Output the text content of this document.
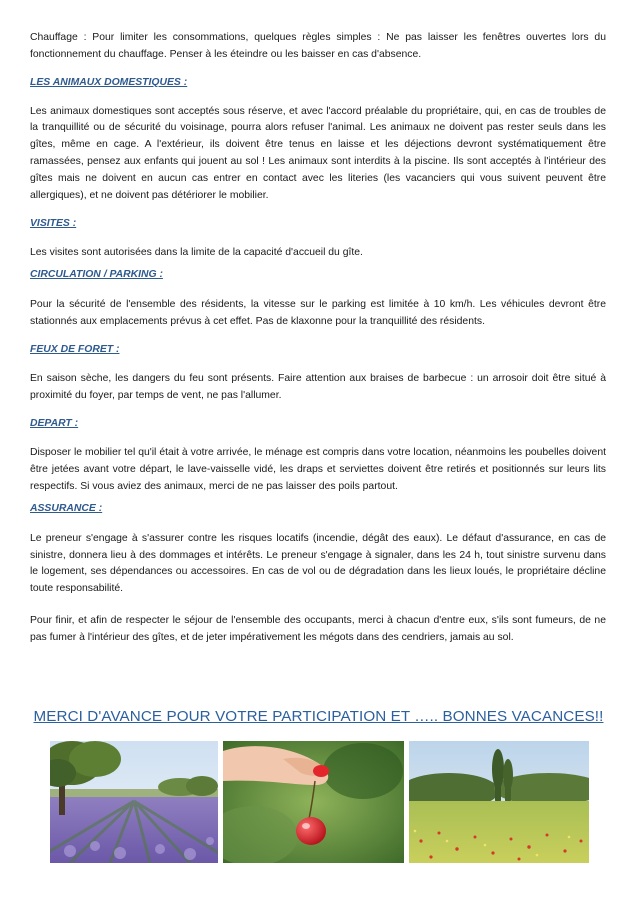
Chauffage : Pour limiter les consommations, quelques règles simples : Ne pas laisser les fenêtres ouvertes lors du fonctionnement du chauffage. Penser à les éteindre ou les baisser en cas d'absence.

LES ANIMAUX DOMESTIQUES :

Les animaux domestiques sont acceptés sous réserve, et avec l'accord préalable du propriétaire, qui, en cas de troubles de la tranquillité ou de sécurité du voisinage, pourra alors refuser l'animal. Les animaux ne doivent pas rester seuls dans les gîtes, même en cage. A l'extérieur, ils doivent être tenus en laisse et les déjections devront systématiquement être ramassées, pensez aux enfants qui jouent au sol ! Les animaux sont interdits à la piscine. Ils sont acceptés à l'intérieur des gîtes mais ne doivent en aucun cas entrer en contact avec les literies (les vacanciers qui vous suivent peuvent être allergiques), et ne doivent pas détériorer le mobilier.

VISITES :

Les visites sont autorisées dans la limite de la capacité d'accueil du gîte.

CIRCULATION / PARKING :

Pour la sécurité de l'ensemble des résidents, la vitesse sur le parking est limitée à 10 km/h. Les véhicules devront être stationnés aux emplacements prévus à cet effet. Pas de klaxonne pour la tranquillité des résidents.

FEUX DE FORET :

En saison sèche, les dangers du feu sont présents. Faire attention aux braises de barbecue : un arrosoir doit être situé à proximité du foyer, par temps de vent, ne pas l'allumer.

DEPART :

Disposer le mobilier tel qu'il était à votre arrivée, le ménage est compris dans votre location, néanmoins les poubelles doivent être jetées avant votre départ, le lave-vaisselle vidé, les draps et serviettes doivent être retirés et positionnés sur leurs lits respectifs. Si vous aviez des animaux, merci de ne pas laisser des poils partout.

ASSURANCE :

Le preneur s'engage à s'assurer contre les risques locatifs (incendie, dégât des eaux). Le défaut d'assurance, en cas de sinistre, donnera lieu à des dommages et intérêts. Le preneur s'engage à signaler, dans les 24 h, tout sinistre survenu dans le logement, ses dépendances ou accessoires. En cas de vol ou de dégradation dans les lieux loués, le propriétaire décline toute responsabilité.

Pour finir, et afin de respecter le séjour de l'ensemble des occupants, merci à chacun d'entre eux, s'ils sont fumeurs, de ne pas fumer à l'intérieur des gîtes, et de jeter impérativement les mégots dans des cendriers, jamais au sol.

MERCI D'AVANCE POUR VOTRE PARTICIPATION ET ….. BONNES VACANCES!!
